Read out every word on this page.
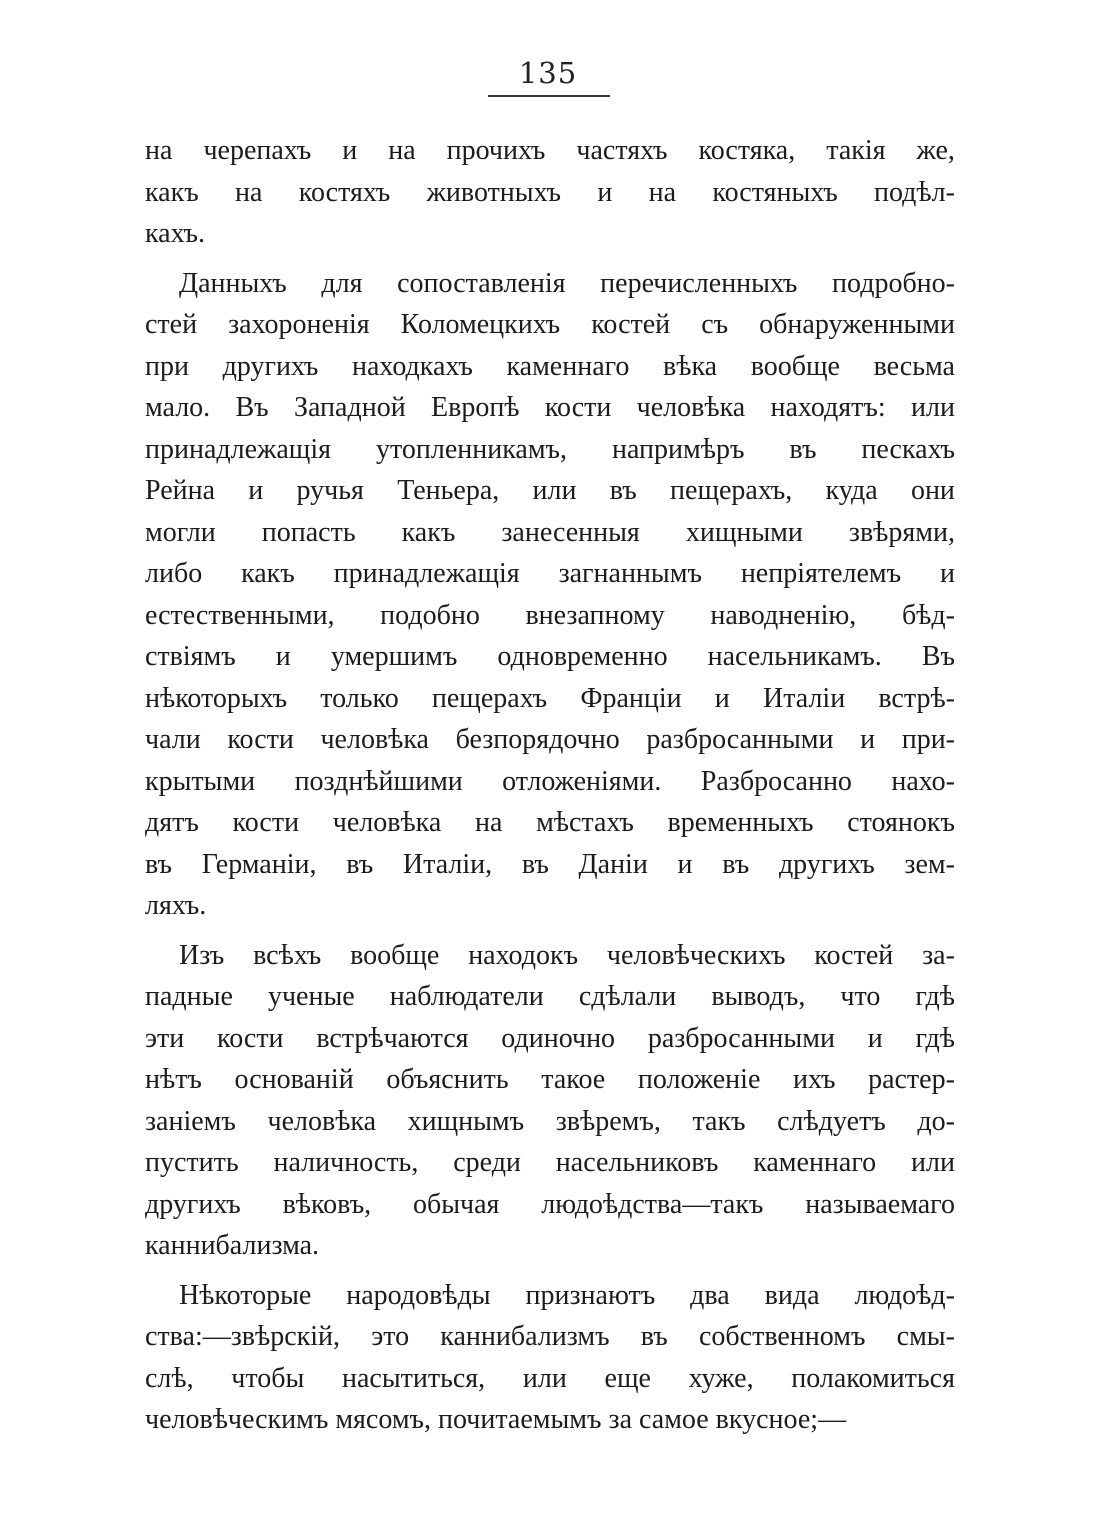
135
на черепахъ и на прочихъ частяхъ костяка, такія же,
какъ на костяхъ животныхъ и на костяныхъ подѣл-
кахъ.
Данныхъ для сопоставленія перечисленныхъ подробно-
стей захороненія Коломецкихъ костей съ обнаруженными
при другихъ находкахъ каменнаго вѣка вообще весьма
мало. Въ Западной Европѣ кости человѣка находятъ: или
принадлежащія утопленникамъ, напримѣръ въ пескахъ
Рейна и ручья Теньера, или въ пещерахъ, куда они
могли попасть какъ занесенныя хищными звѣрями,
либо какъ принадлежащія загнаннымъ непріятелемъ и
естественными, подобно внезапному наводненію, бѣд-
ствіямъ и умершимъ одновременно насельникамъ. Въ
нѣкоторыхъ только пещерахъ Франціи и Италіи встрѣ-
чали кости человѣка безпорядочно разбросанными и при-
крытыми позднѣйшими отложеніями. Разбросанно нахо-
дятъ кости человѣка на мѣстахъ временныхъ стоянокъ
въ Германіи, въ Италіи, въ Даніи и въ другихъ зем-
ляхъ.
Изъ всѣхъ вообще находокъ человѣческихъ костей за-
падные ученые наблюдатели сдѣлали выводъ, что гдѣ
эти кости встрѣчаются одиночно разбросанными и гдѣ
нѣтъ основаній объяснить такое положеніе ихъ растер-
заніемъ человѣка хищнымъ звѣремъ, такъ слѣдуетъ до-
пустить наличность, среди насельниковъ каменнаго или
другихъ вѣковъ, обычая людоѣдства—такъ называемаго
каннибализма.
Нѣкоторые народовѣды признаютъ два вида людоѣд-
ства:—звѣрскій, это каннибализмъ въ собственномъ смы-
слѣ, чтобы насытиться, или еще хуже, полакомиться
человѣческимъ мясомъ, почитаемымъ за самое вкусное;—
